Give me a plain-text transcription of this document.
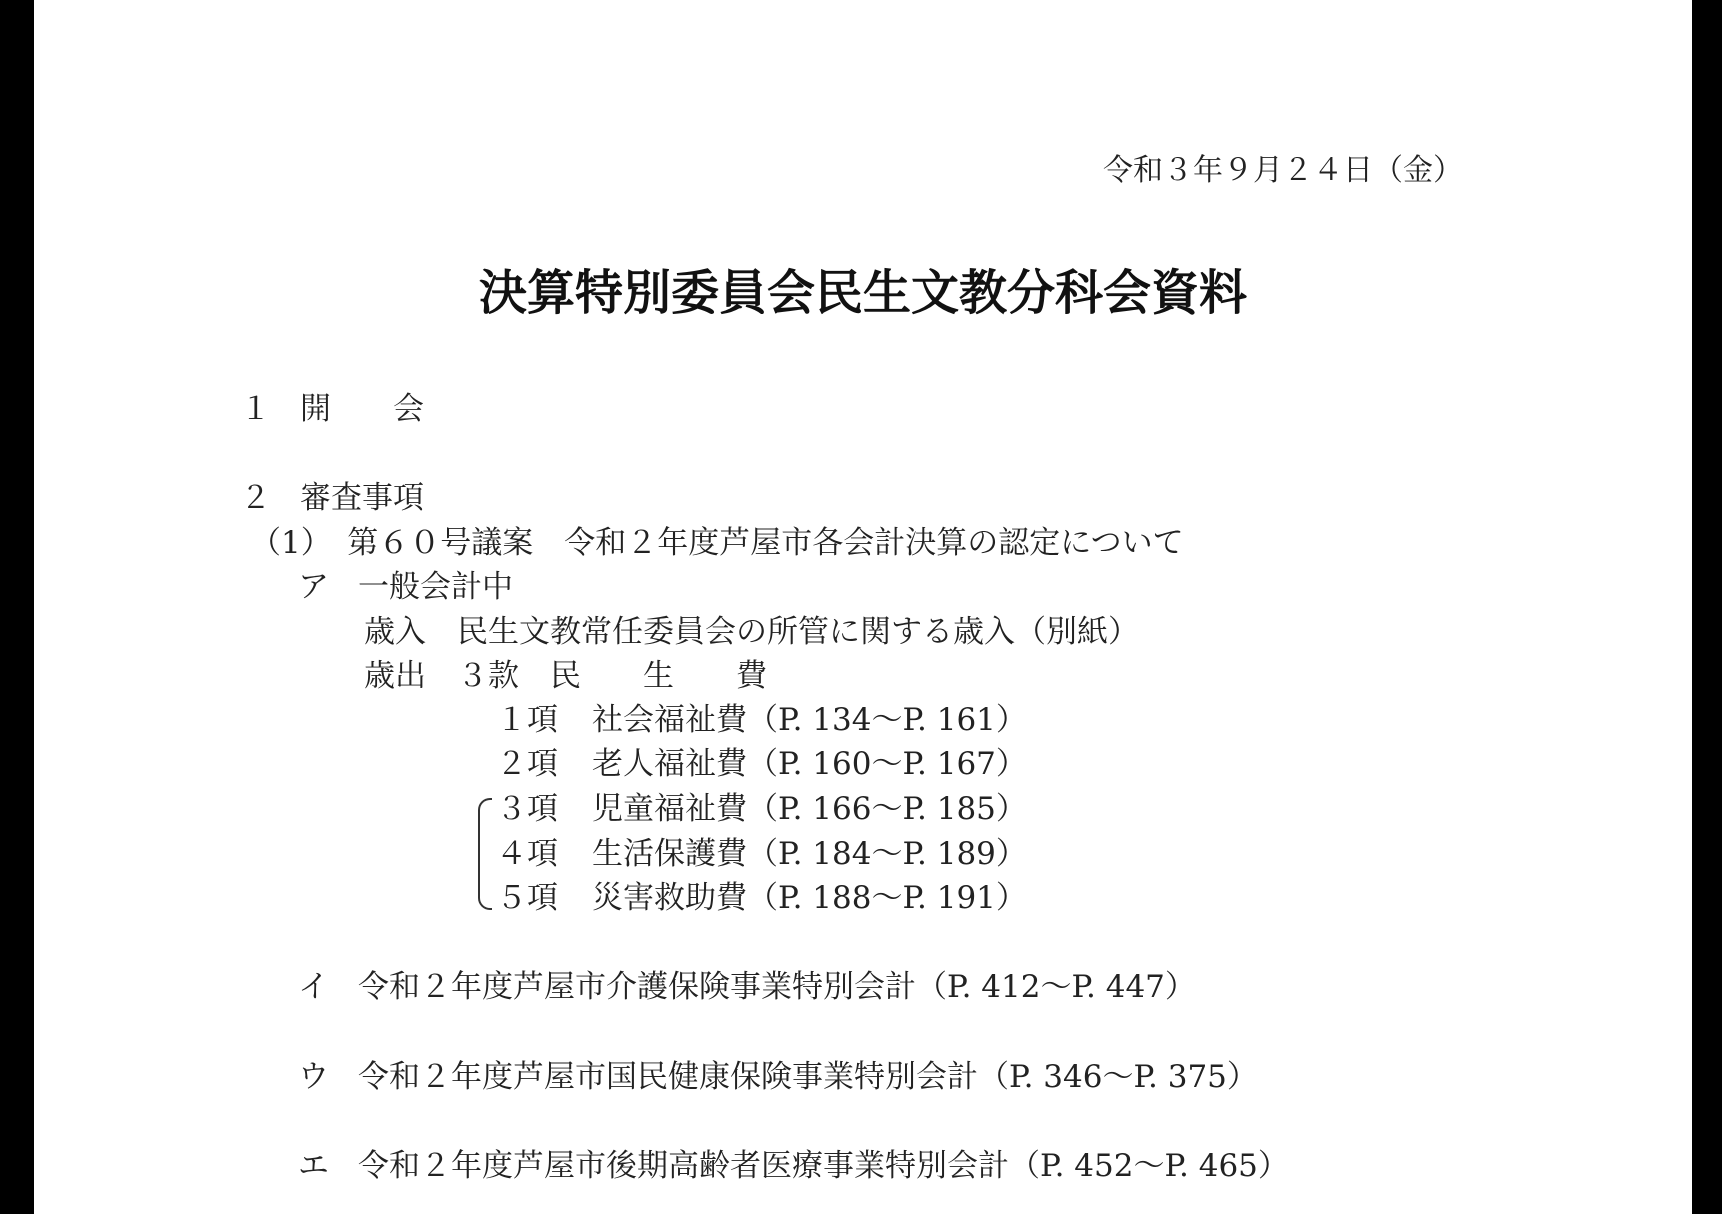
令和３年９月２４日（金）
決算特別委員会民生文教分科会資料
１ 開　　会
２ 審査事項
（1）　第６０号議案　令和２年度芦屋市各会計決算の認定について
ア 一般会計中
歳入　民生文教常任委員会の所管に関する歳入（別紙）
歳出　３款　民　　生　　費
１項 社会福祉費（P. 134～P. 161）
２項 老人福祉費（P. 160～P. 167）
３項 児童福祉費（P. 166～P. 185）
４項 生活保護費（P. 184～P. 189）
５項 災害救助費（P. 188～P. 191）
イ 令和２年度芦屋市介護保険事業特別会計（P. 412～P. 447）
ウ 令和２年度芦屋市国民健康保険事業特別会計（P. 346～P. 375）
エ 令和２年度芦屋市後期高齢者医療事業特別会計（P. 452～P. 465）
